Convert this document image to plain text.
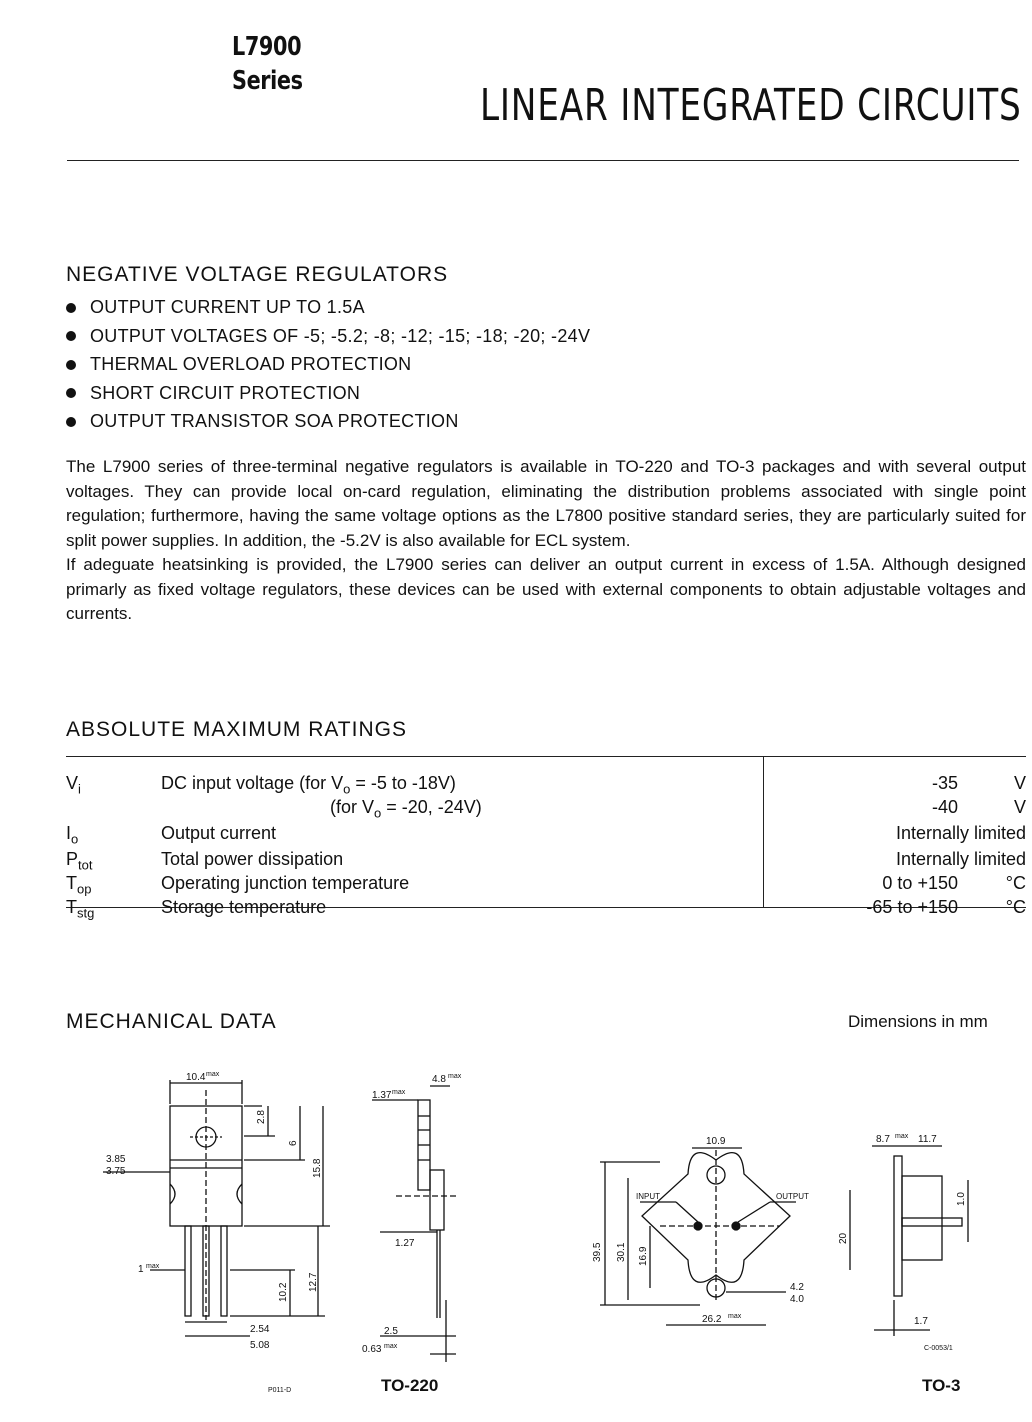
L7900
Series	LINEAR INTEGRATED CIRCUITS
NEGATIVE VOLTAGE REGULATORS
OUTPUT CURRENT UP TO 1.5A
OUTPUT VOLTAGES OF -5; -5.2; -8; -12; -15; -18; -20; -24V
THERMAL OVERLOAD PROTECTION
SHORT CIRCUIT PROTECTION
OUTPUT TRANSISTOR SOA PROTECTION

The L7900 series of three-terminal negative regulators is available in TO-220 and TO-3 packages and with several output voltages. They can provide local on-card regulation, eliminating the distribution problems associated with single point regulation; furthermore, having the same voltage options as the L7800 positive standard series, they are particularly suited for split power supplies. In addition, the -5.2V is also available for ECL system.

If adeguate heatsinking is provided, the L7900 series can deliver an output current in excess of 1.5A. Although designed primarly as fixed voltage regulators, these devices can be used with external components to obtain adjustable voltages and currents.

ABSOLUTE MAXIMUM RATINGS
$V_i$	DC input voltage (for $V_o = -5$ to -18V)	-35	V
(for $V_o = -20$, -24V)	-40	V
$I_o$	Output current	Internally limited
$P_{tot}$	Total power dissipation	Internally limited
$T_{op}$	Operating junction temperature	0 to +150	°C
$T_{stg}$	Storage temperature	-65 to +150	°C
MECHANICAL DATA	Dimensions in mm
10.4 max
3.85
3.75
2.8
6
15.8
1 max
10.2
12.7
2.54
5.08
4.8 max
1.37 max
1.27
2.5
0.63 max
P011-D
10.9
INPUT	OUTPUT
39.5 30.1 16.9
26.2 max
4.2
4.0
8.7 max 11.7
1.0
20
1.7
C-0053/1
TO-220	TO-3
